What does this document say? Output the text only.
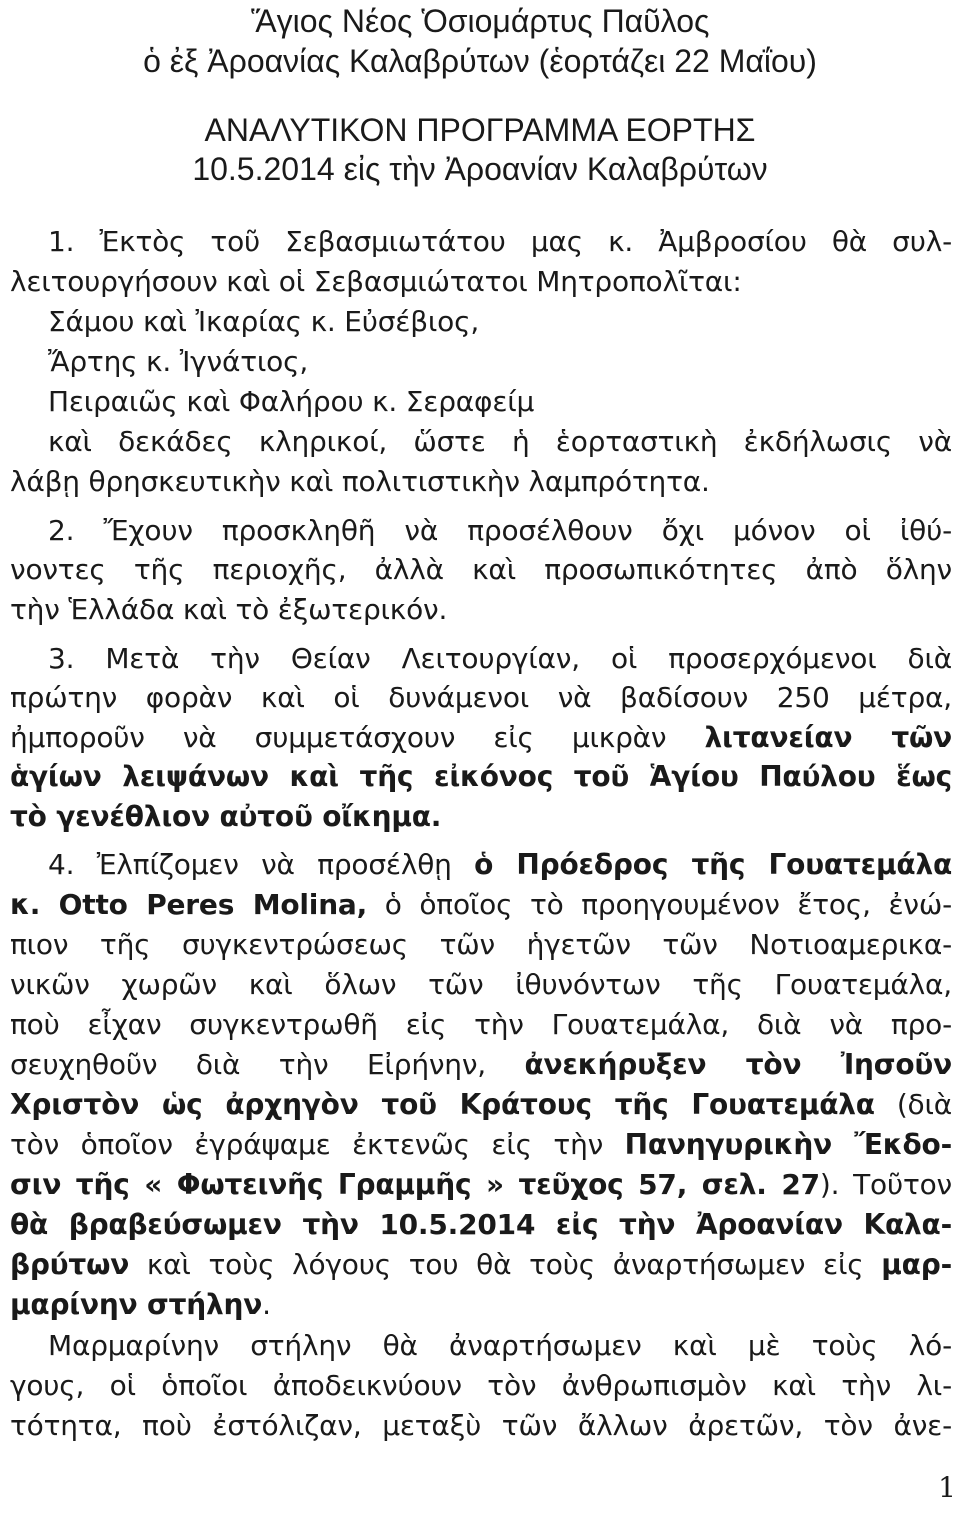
Ἅγιος Νέος Ὁσιομάρτυς Παῦλος
ὁ ἐξ Ἀροανίας Καλαβρύτων (ἑορτάζει 22 Μαΐου)
ΑΝΑΛΥΤΙΚΟΝ ΠΡΟΓΡΑΜΜΑ ΕΟΡΤΗΣ
10.5.2014 εἰς τὴν Ἀροανίαν Καλαβρύτων
1. Ἐκτὸς τοῦ Σεβασμιωτάτου μας κ. Ἀμβροσίου θὰ συλ-
λειτουργήσουν καὶ οἱ Σεβασμιώτατοι Μητροπολῖται:
Σάμου καὶ Ἰκαρίας κ. Εὐσέβιος,
Ἄρτης κ. Ἰγνάτιος,
Πειραιῶς καὶ Φαλήρου κ. Σεραφείμ
καὶ δεκάδες κληρικοί, ὥστε ἡ ἑορταστικὴ ἐκδήλωσις νὰ
λάβῃ θρησκευτικὴν καὶ πολιτιστικὴν λαμπρότητα.
2. Ἔχουν προσκληθῆ νὰ προσέλθουν ὄχι μόνον οἱ ἰθύ-
νοντες τῆς περιοχῆς, ἀλλὰ καὶ προσωπικότητες ἀπὸ ὅλην
τὴν Ἑλλάδα καὶ τὸ ἐξωτερικόν.
3. Μετὰ τὴν Θείαν Λειτουργίαν, οἱ προσερχόμενοι διὰ
πρώτην φορὰν καὶ οἱ δυνάμενοι νὰ βαδίσουν 250 μέτρα,
ἠμποροῦν νὰ συμμετάσχουν εἰς μικρὰν λιτανείαν τῶν
ἁγίων λειψάνων καὶ τῆς εἰκόνος τοῦ Ἁγίου Παύλου ἕως
τὸ γενέθλιον αὐτοῦ οἴκημα.
4. Ἐλπίζομεν νὰ προσέλθῃ ὁ Πρόεδρος τῆς Γουατεμάλα
κ. Otto Peres Molina, ὁ ὁποῖος τὸ προηγουμένον ἔτος, ἐνώ-
πιον τῆς συγκεντρώσεως τῶν ἡγετῶν τῶν Νοτιοαμερικα-
νικῶν χωρῶν καὶ ὅλων τῶν ἰθυνόντων τῆς Γουατεμάλα,
ποὺ εἶχαν συγκεντρωθῆ εἰς τὴν Γουατεμάλα, διὰ νὰ προ-
σευχηθοῦν διὰ τὴν Εἰρήνην, ἀνεκήρυξεν τὸν Ἰησοῦν
Χριστὸν ὡς ἀρχηγὸν τοῦ Κράτους τῆς Γουατεμάλα (διὰ
τὸν ὁποῖον ἐγράψαμε ἐκτενῶς εἰς τὴν Πανηγυρικὴν Ἔκδο-
σιν τῆς « Φωτεινῆς Γραμμῆς » τεῦχος 57, σελ. 27). Τοῦτον
θὰ βραβεύσωμεν τὴν 10.5.2014 εἰς τὴν Ἀροανίαν Καλα-
βρύτων καὶ τοὺς λόγους του θὰ τοὺς ἀναρτήσωμεν εἰς μαρ-
μαρίνην στήλην.
Μαρμαρίνην στήλην θὰ ἀναρτήσωμεν καὶ μὲ τοὺς λό-
γους, οἱ ὁποῖοι ἀποδεικνύουν τὸν ἀνθρωπισμὸν καὶ τὴν λι-
τότητα, ποὺ ἐστόλιζαν, μεταξὺ τῶν ἄλλων ἀρετῶν, τὸν ἀνε-
1
